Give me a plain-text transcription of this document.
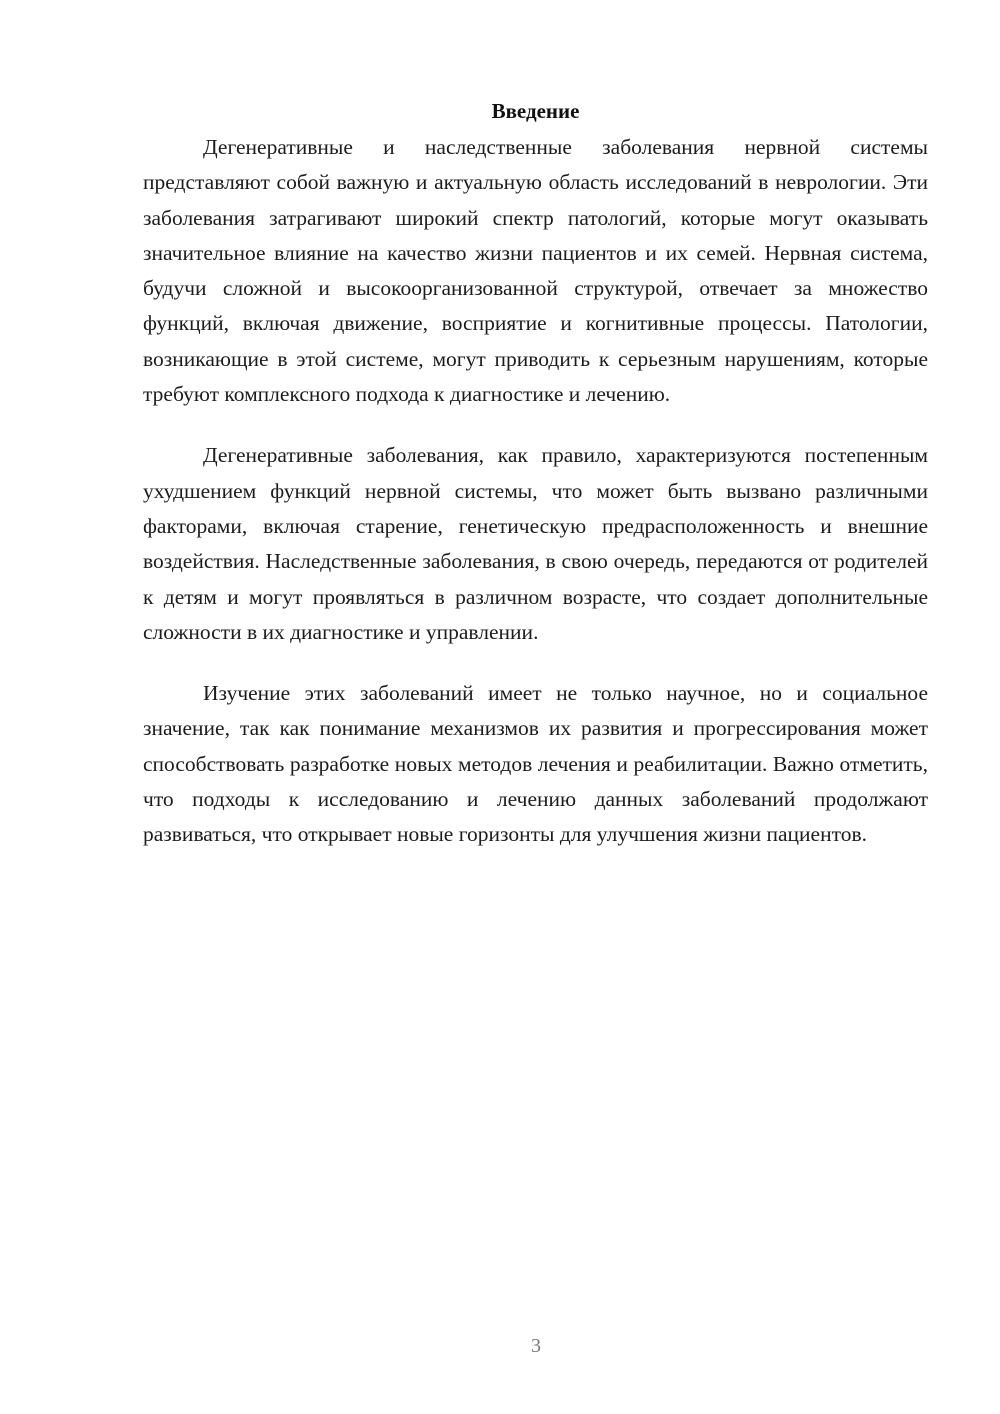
Введение

Дегенеративные и наследственные заболевания нервной системы представляют собой важную и актуальную область исследований в неврологии. Эти заболевания затрагивают широкий спектр патологий, которые могут оказывать значительное влияние на качество жизни пациентов и их семей. Нервная система, будучи сложной и высокоорганизованной структурой, отвечает за множество функций, включая движение, восприятие и когнитивные процессы. Патологии, возникающие в этой системе, могут приводить к серьезным нарушениям, которые требуют комплексного подхода к диагностике и лечению.

Дегенеративные заболевания, как правило, характеризуются постепенным ухудшением функций нервной системы, что может быть вызвано различными факторами, включая старение, генетическую предрасположенность и внешние воздействия. Наследственные заболевания, в свою очередь, передаются от родителей к детям и могут проявляться в различном возрасте, что создает дополнительные сложности в их диагностике и управлении.

Изучение этих заболеваний имеет не только научное, но и социальное значение, так как понимание механизмов их развития и прогрессирования может способствовать разработке новых методов лечения и реабилитации. Важно отметить, что подходы к исследованию и лечению данных заболеваний продолжают развиваться, что открывает новые горизонты для улучшения жизни пациентов.

3
